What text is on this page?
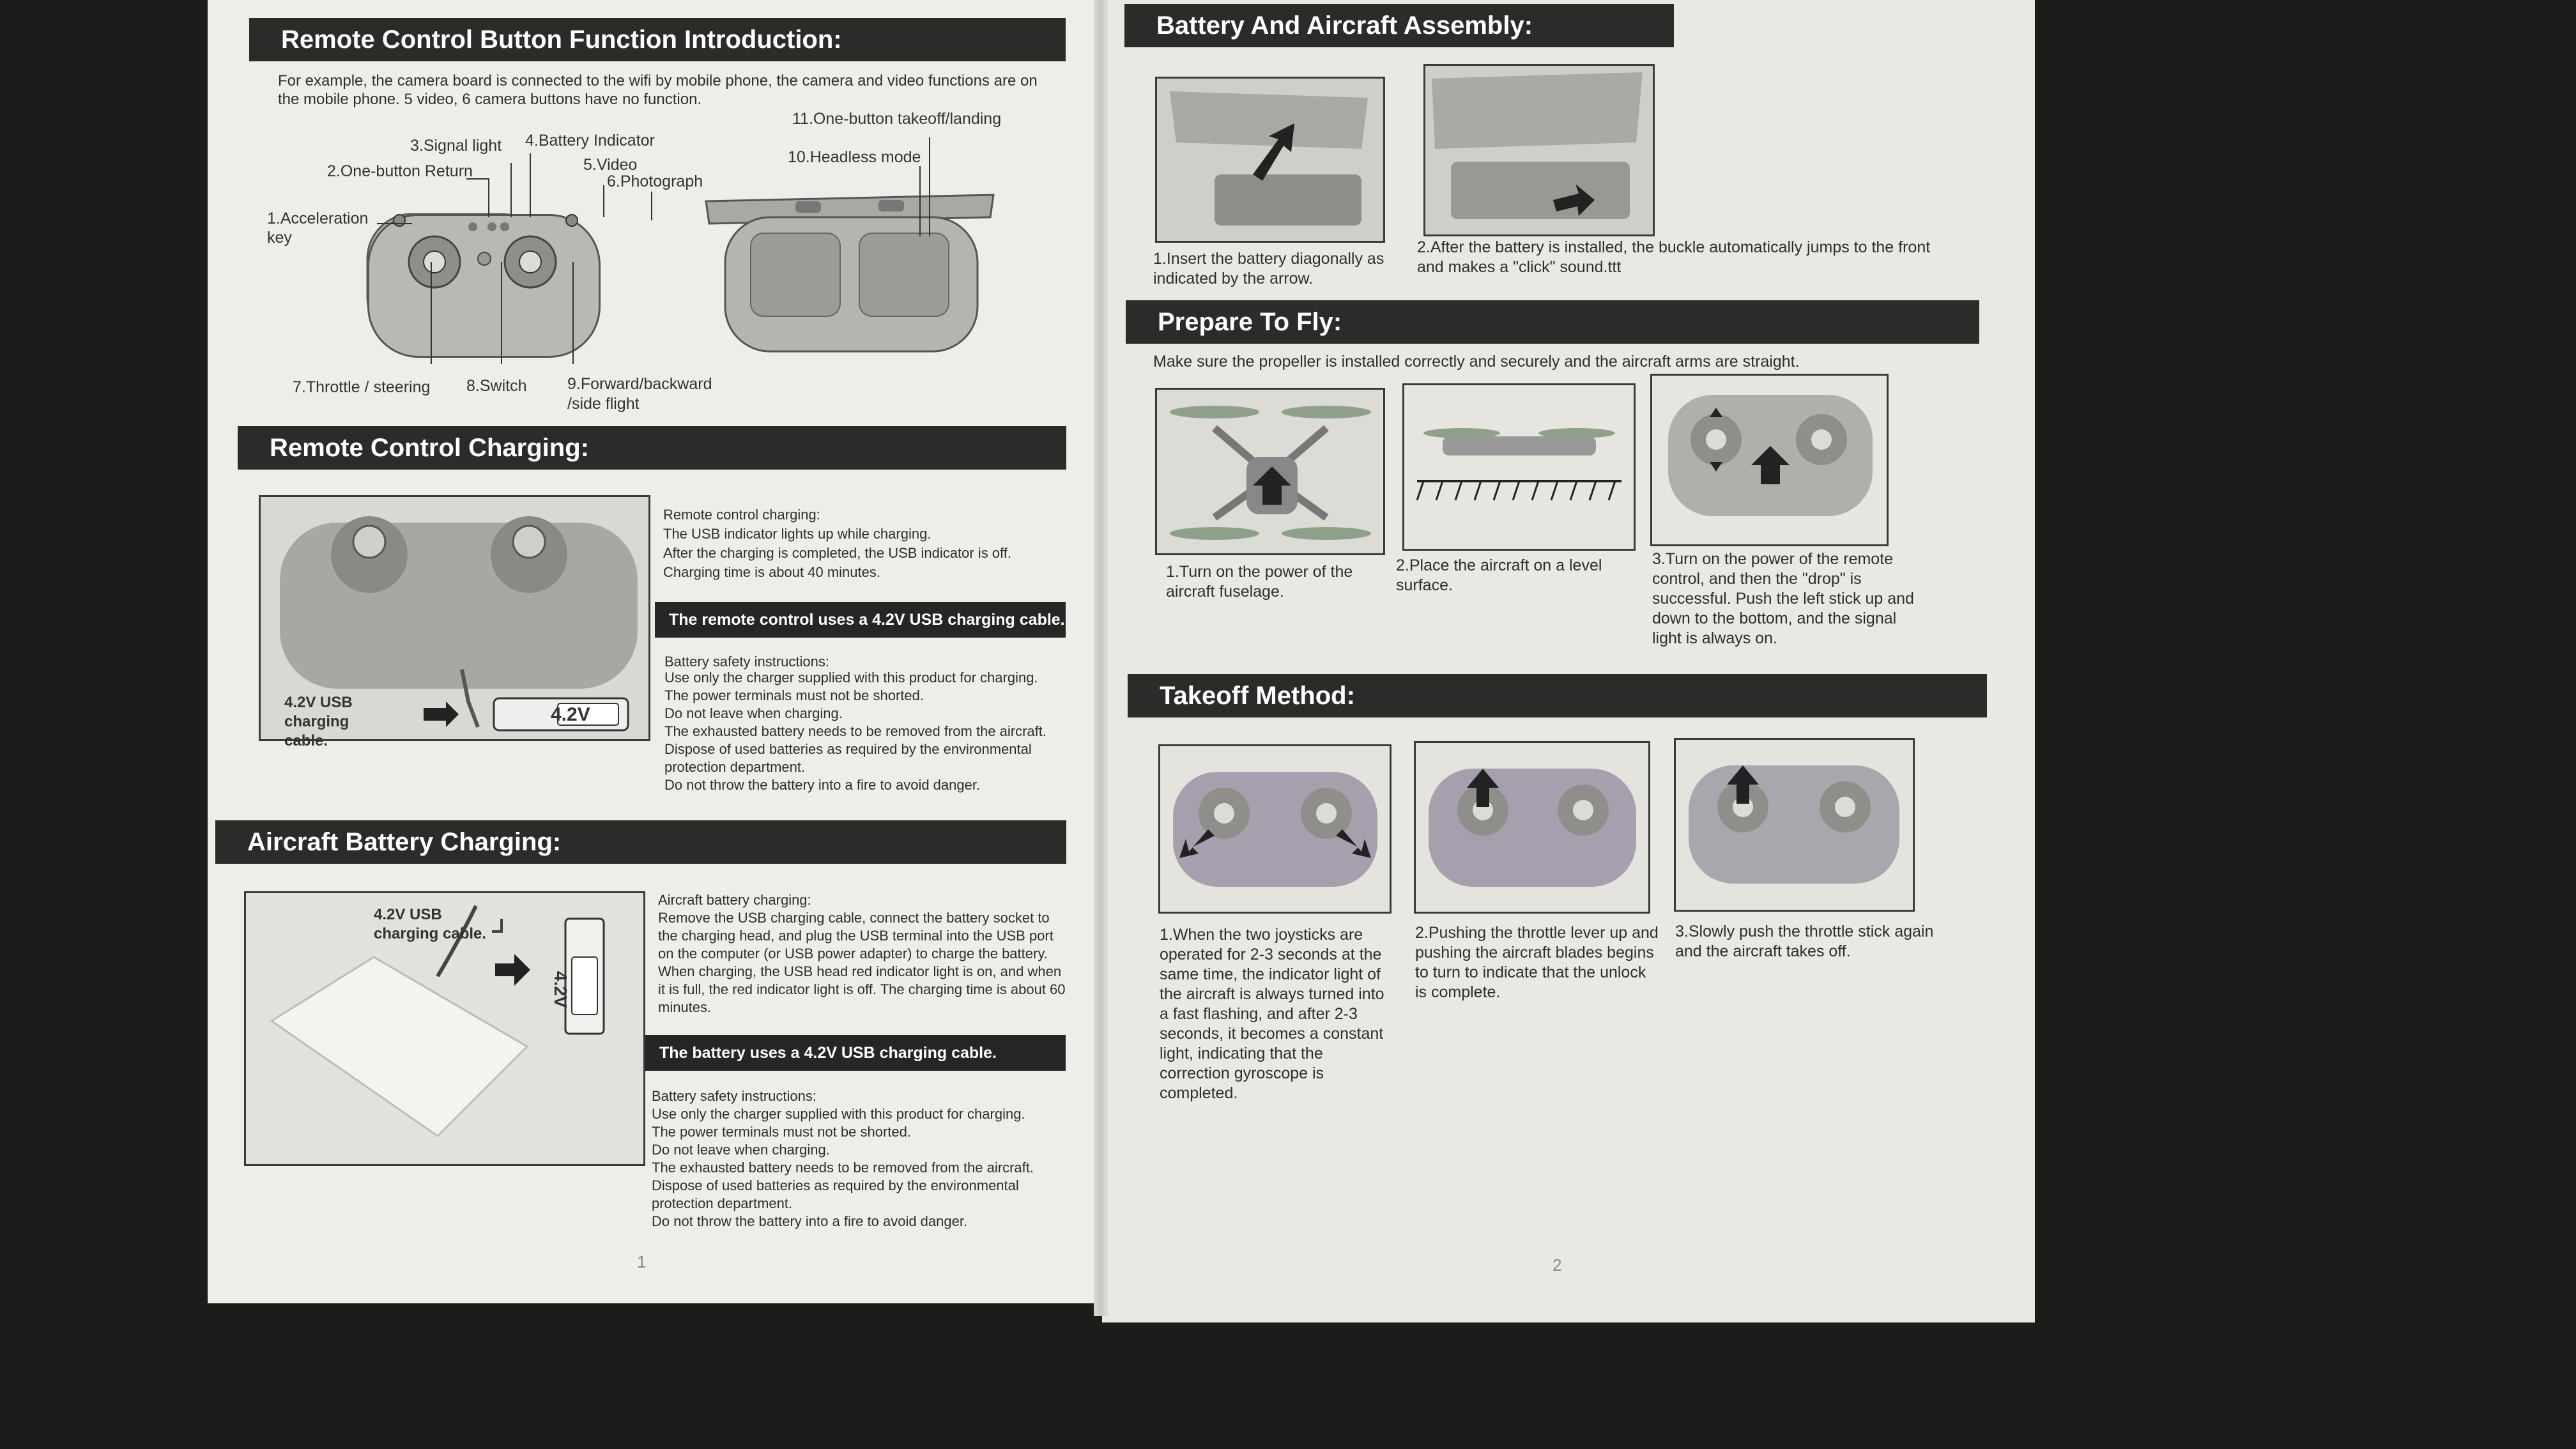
Remote Control Button Function Introduction:
For example, the camera board is connected to the wifi by mobile phone, the camera and video functions are on the mobile phone. 5 video, 6 camera buttons have no function.
1.Acceleration key
2.One-button Return
3.Signal light 4.Battery Indicator
5.Video
6.Photograph
7.Throttle / steering 8.Switch	9.Forward/backward /side flight
10.Headless mode
11.One-button takeoff/landing
Remote Control Charging:
4.2V USB charging cable.
4.2V
Remote control charging:
The USB indicator lights up while charging.
After the charging is completed, the USB indicator is off.
Charging time is about 40 minutes.
The remote control uses a 4.2V USB charging cable.
Battery safety instructions:
Use only the charger supplied with this product for charging.
The power terminals must not be shorted.
Do not leave when charging.
The exhausted battery needs to be removed from the aircraft.
Dispose of used batteries as required by the environmental protection department.
Do not throw the battery into a fire to avoid danger.
Aircraft Battery Charging:
4.2V USB charging cable.
4.2V
Aircraft battery charging:
Remove the USB charging cable, connect the battery socket to the charging head, and plug the USB terminal into the USB port on the computer (or USB power adapter) to charge the battery. When charging, the USB head red indicator light is on, and when it is full, the red indicator light is off. The charging time is about 60 minutes.
The battery uses a 4.2V USB charging cable.
Battery safety instructions:
Use only the charger supplied with this product for charging.
The power terminals must not be shorted.
Do not leave when charging.
The exhausted battery needs to be removed from the aircraft.
Dispose of used batteries as required by the environmental protection department.
Do not throw the battery into a fire to avoid danger.
1
Battery And Aircraft Assembly:
1.Insert the battery diagonally as indicated by the arrow.
2.After the battery is installed, the buckle automatically jumps to the front and makes a "click" sound.ttt
Prepare To Fly:
Make sure the propeller is installed correctly and securely and the aircraft arms are straight.
1.Turn on the power of the aircraft fuselage.
2.Place the aircraft on a level surface.
3.Turn on the power of the remote control, and then the "drop" is successful. Push the left stick up and down to the bottom, and the signal light is always on.
Takeoff Method:
1.When the two joysticks are operated for 2-3 seconds at the same time, the indicator light of the aircraft is always turned into a fast flashing, and after 2-3 seconds, it becomes a constant light, indicating that the correction gyroscope is completed.
2.Pushing the throttle lever up and pushing the aircraft blades begins to turn to indicate that the unlock is complete.
3.Slowly push the throttle stick again and the aircraft takes off.
2
